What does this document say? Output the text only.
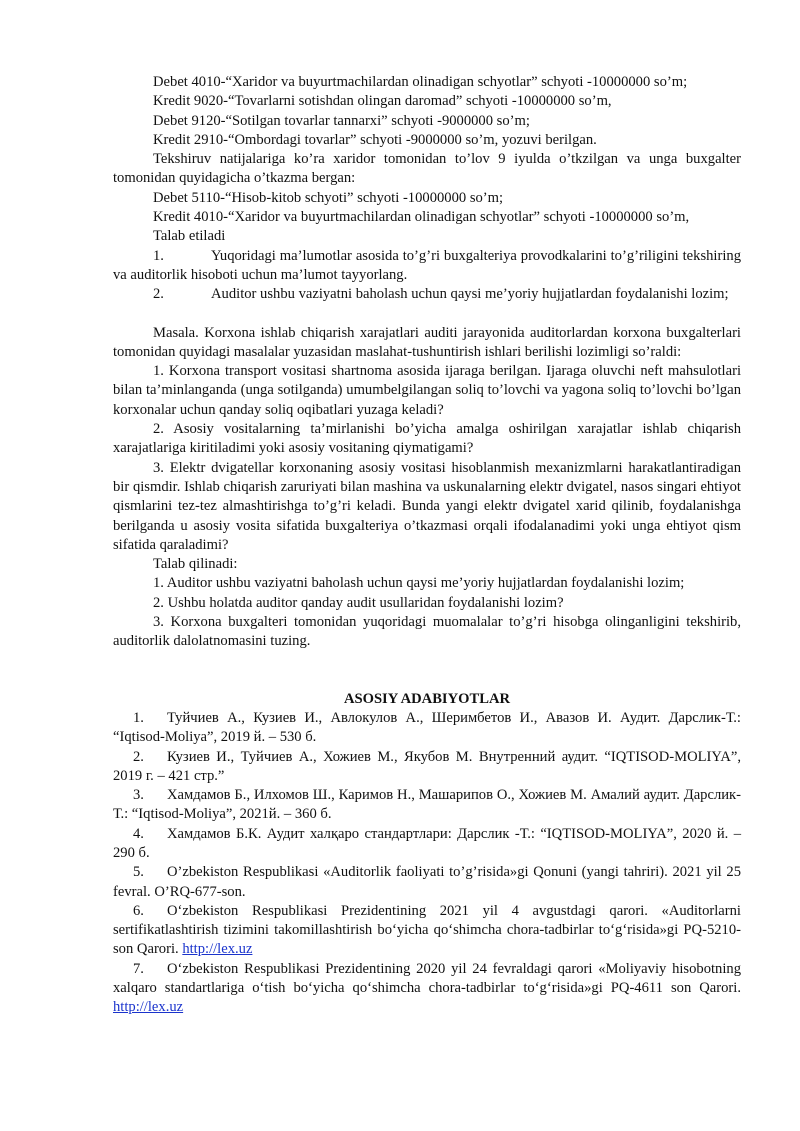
Debet 4010-“Xaridor va buyurtmachilardan olinadigan schyotlar” schyoti -10000000 so’m;

Kredit 9020-“Tovarlarni sotishdan olingan daromad” schyoti -10000000 so’m,

Debet 9120-“Sotilgan tovarlar tannarxi” schyoti -9000000 so’m;

Kredit 2910-“Ombordagi tovarlar” schyoti -9000000 so’m, yozuvi berilgan.

Tekshiruv natijalariga ko’ra xaridor tomonidan to’lov 9 iyulda o’tkzilgan va unga buxgalter tomonidan quyidagicha o’tkazma bergan:

Debet 5110-“Hisob-kitob schyoti” schyoti -10000000 so’m;

Kredit 4010-“Xaridor va buyurtmachilardan olinadigan schyotlar” schyoti -10000000 so’m,

Talab etiladi

1.	Yuqoridagi ma’lumotlar asosida to’g’ri buxgalteriya provodkalarini to’g’riligini tekshiring va auditorlik hisoboti uchun ma’lumot tayyorlang.

2.	Auditor ushbu vaziyatni baholash uchun qaysi me’yoriy hujjatlardan foydalanishi lozim;

Masala. Korxona ishlab chiqarish xarajatlari auditi jarayonida auditorlardan korxona buxgalterlari tomonidan quyidagi masalalar yuzasidan maslahat-tushuntirish ishlari berilishi lozimligi so’raldi:

1. Korxona transport vositasi shartnoma asosida ijaraga berilgan. Ijaraga oluvchi neft mahsulotlari bilan ta’minlanganda (unga sotilganda) umumbelgilangan soliq to’lovchi va yagona soliq to’lovchi bo’lgan korxonalar uchun qanday soliq oqibatlari yuzaga keladi?

2. Asosiy vositalarning ta’mirlanishi bo’yicha amalga oshirilgan xarajatlar ishlab chiqarish xarajatlariga kiritiladimi yoki asosiy vositaning qiymatigami?

3. Elektr dvigatellar korxonaning asosiy vositasi hisoblanmish mexanizmlarni harakatlantiradigan bir qismdir. Ishlab chiqarish zaruriyati bilan mashina va uskunalarning elektr dvigatel, nasos singari ehtiyot qismlarini tez-tez almashtirishga to’g’ri keladi. Bunda yangi elektr dvigatel xarid qilinib, foydalanishga berilganda u asosiy vosita sifatida buxgalteriya o’tkazmasi orqali ifodalanadimi yoki unga ehtiyot qism sifatida qaraladimi?

Talab qilinadi:

1. Auditor ushbu vaziyatni baholash uchun qaysi me’yoriy hujjatlardan foydalanishi lozim;

2. Ushbu holatda auditor qanday audit usullaridan foydalanishi lozim?

3. Korxona buxgalteri tomonidan yuqoridagi muomalalar to’g’ri hisobga olinganligini tekshirib, auditorlik dalolatnomasini tuzing.

ASOSIY ADABIYOTLAR

1. Туйчиев А., Кузиев И., Авлокулов А., Шеримбетов И., Авазов И. Аудит. Дарслик-Т.: “Iqtisod-Moliya”, 2019 й. – 530 б.

2. Кузиев И., Туйчиев А., Хожиев М., Якубов М. Внутренний аудит. “IQTISOD-MOLIYA”, 2019 г. – 421 стр.”

3. Хамдамов Б., Илхомов Ш., Каримов Н., Машарипов О., Хожиев М. Амалий аудит. Дарслик-Т.: “Iqtisod-Moliya”, 2021й. – 360 б.

4. Хамдамов Б.К. Аудит халқаро стандартлари: Дарслик -Т.: “IQTISOD-MOLIYA”, 2020 й. – 290 б.

5. O’zbekiston Respublikasi «Auditorlik faoliyati to’g’risida»gi Qonuni (yangi tahriri). 2021 yil 25 fevral. O’RQ-677-son.

6. O‘zbekiston Respublikasi Prezidentining 2021 yil 4 avgustdagi qarori. «Auditorlarni sertifikatlashtirish tizimini takomillashtirish bo‘yicha qo‘shimcha chora-tadbirlar to‘g‘risida»gi PQ-5210-son Qarori. http://lex.uz

7. O‘zbekiston Respublikasi Prezidentining 2020 yil 24 fevraldagi qarori «Moliyaviy hisobotning xalqaro standartlariga o‘tish bo‘yicha qo‘shimcha chora-tadbirlar to‘g‘risida»gi PQ-4611 son Qarori. http://lex.uz
